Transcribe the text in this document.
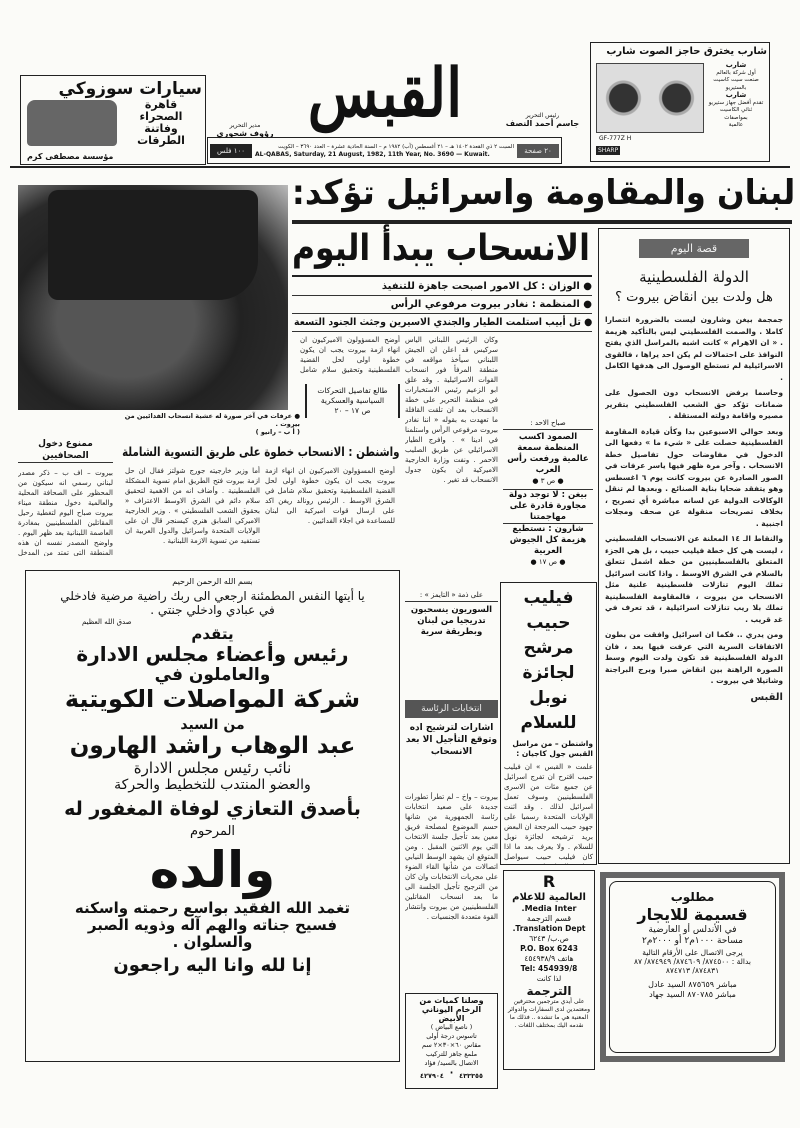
سيارات سوزوكي
قاهرة
الصحراء
وفاتنة
الطرقات
مؤسسة مصطفى كرم
مدير التحرير
رؤوف شحوري
القبس	رئيس التحرير
جاسم أحمد النصف
٢٠ صفحة
السبت ٢ ذي القعدة ١٤٠٢ هـ – ٢١ أغسطس (آب) ١٩٨٢ م – السنة الحادية عشرة – العدد ٣٦٩٠ – الكويت
AL-QABAS, Saturday, 21 August, 1982, 11th Year, No. 3690 — Kuwait.
١٠٠ فلس
شارب يخترق حاجز الصوت شارب
شارب
أول شركة بالعالم
صنعت سيت كاسيت
بالستيريو
شارب
تقدم أفضل جهاز ستيريو
ثنائي الكاسيت
بمواصفات
عالمية
GF-777Z H
SHARP
لبنان والمقاومة واسرائيل تؤكد:
الانسحاب يبدأ اليوم
● الوزان : كل الامور اصبحت جاهزة للتنفيذ
● المنظمة : نغادر بيروت مرفوعي الرأس
● تل أبيب استلمت الطيار والجندي الاسيرين وجثث الجنود التسعة
● عرفات في آخر صورة له عشية انسحاب الفدائيين من بيروت .
( أ ب – رانيو )
طالع تفاصيل التحركات السياسية والعسكرية
ص ١٧ – ٢٠

وكان الرئيس اللبناني الياس سركيس قد اعلن ان الجيش اللبناني سيأخذ مواقعه في منطقة المرفأ فور انسحاب القوات الاسرائيلية . وقد علق ابو الزعيم رئيس الاستخبارات في منظمة التحرير على خطة الانسحاب بعد ان تلقت القافلة ما تعهدت به بقوله « اننا نغادر بيروت مرفوعي الرأس واستلمنا في ادينا » . وافرج الطيار الاسرائيلي عن طريق الصليب الاحمر . ونفت وزارة الخارجية الاميركية ان يكون جدول الانسحاب قد تغير .

أوضح المسؤولون الاميركيون ان انهاء ازمة بيروت يجب ان يكون خطوة اولى لحل القضية الفلسطينية وتحقيق سلام شامل

على ذمة « التايمز » :
السوريون ينسحبون تدريجيا من لبنان وبطريقة سرية
واشنطن : الانسحاب خطوة على طريق التسوية الشاملة

أوضح المسؤولون الاميركيون ان انهاء ازمة بيروت يجب ان يكون خطوة اولى لحل القضية الفلسطينية وتحقيق سلام شامل في الشرق الاوسط . الرئيس رونالد ريغن اكد على ارسال قوات اميركية الى لبنان للمساعدة في اجلاء الفدائيين .

أما وزير خارجيته جورج شولتز فقال ان حل ازمة بيروت فتح الطريق امام تسوية المشكلة الفلسطينية . وأضاف انه من الاهمية لتحقيق سلام دائم في الشرق الاوسط الاعتراف « بحقوق الشعب الفلسطيني » . وزير الخارجية الاميركي السابق هنري كيسنجر قال ان على الولايات المتحدة واسرائيل والدول العربية ان تستفيد من تسوية الازمة اللبنانية .

ممنوع دخول الصحافيين

بيروت – اف ب – ذكر مصدر لبناني رسمي انه سيكون من المحظور على الصحافة المحلية والعالمية دخول منطقة ميناء بيروت صباح اليوم لتغطية رحيل المقاتلين الفلسطينيين بمغادرة العاصمة اللبنانية بعد ظهر اليوم . واوضح المصدر نفسه ان هذه المنطقة التي تمتد من المدخل

صباح الاحد :
الصمود اكسب المنظمة سمعة عالمية ورفعت رأس العرب
● ص ٣ ●
بيغن : لا توجد دولة مجاورة قادرة على مهاجمتنا
شارون : نستطيع هزيمة كل الجيوش العربية
● ص ١٧ ●
فيليب حبيب مرشح لجائزة نوبل للسلام
واشنطن – من مراسل القبس جول كاجيان :

علمت « القبس » ان فيليب حبيب اقترح ان تفرج اسرائيل عن جميع مئات من الاسرى الفلسطينيين وسوف تعمل اسرائيل لذلك . وقد اثنت الولايات المتحدة رسميا على جهود حبيب المرجحة ان البعض بريد ترشيحه لجائزة نوبل للسلام . ولا يعرف بعد ما اذا كان فيليب حبيب سيواصل

انتخابات الرئاسة
اشارات لترشيح اده وتوقع التأجيل الا بعد الانسحاب

بيروت – واخ – لم تطرأ تطورات جديدة على صعيد انتخابات رئاسة الجمهورية من شانها حسم الموضوع لمصلحة فريق معين بعد تأجيل جلسة الانتخاب التي يوم الاثنين المقبل . ومن المتوقع ان يشهد الوسط النيابي اتصالات من شأنها القاء الضوء على مجريات الانتخابات وان كان من الترجيح تأجيل الجلسة الى ما بعد انسحاب المقاتلين الفلسطينيين من بيروت وانتشار القوة متعددة الجنسيات .

وصلنا كميات من الرخام اليوناني الأبيض
( ناصع البياض )
تاسوس درجة أولى
مقاس ٦٠×٣٠×٢ سم
ملمع جاهز للتركيب
الاتصال بالسيد/ فؤاد
٤٣٣٣٥٥ · ٤٢٧٩٠٤
قصة اليوم
الدولة الفلسطينية
هل ولدت بين انقاض بيروت ؟

جمجمة بيغن وشارون ليست بالضرورة انتصارا كاملا . والصمت الفلسطيني ليس بالتأكيد هزيمة . « ان الاهرام » كانت اشبه بالمراسل الذي يفتح النوافذ على احتمالات لم يكن احد يراها ، فالقوى الاسرائيلية لم تستطع الوصول الى هدفها الكامل .

وحاسما برفض الانسحاب دون الحصول على ضمانات تؤكد حق الشعب الفلسطيني بتقرير مصيره واقامة دولته المستقلة .

وبعد حوالي الاسبوعين بدا وكأن قيادة المقاومة الفلسطينية حصلت على « شيء ما » دفعها الى الدخول في مفاوضات حول تفاصيل خطة الانسحاب . وآخر مرة ظهر فيها ياسر عرفات في الصور الصادرة عن بيروت كانت يوم ٦ اغسطس وهو يتفقد ضحايا بناية الصنائع . وبعدها لم تنقل الوكالات الدولية عن لسانه مباشرة أي تصريح ، بخلاف تصريحات منقولة عن صحف ومجلات اجنبية .

والنقاط الـ ١٤ المعلنة عن الانسحاب الفلسطيني ، ليست هي كل خطة فيليب حبيب ، بل هي الجزء المتعلق بالفلسطينيين من خطة اشمل تتعلق بالسلام في الشرق الاوسط . واذا كانت اسرائيل تملك اليوم تنازلات فلسطينية علنية مثل الانسحاب من بيروت ، فالمقاومة الفلسطينية تملك بلا ريب تنازلات اسرائيلية ، قد تعرف في غد قريب .

ومن يدري .. فكما ان اسرائيل وافقت من بطون الاتفاقات السرية التي عرفت فيها بعد ، فان الدولة الفلسطينية قد تكون ولدت اليوم وسط الصورة الراهنة بين انقاض صبرا وبرج البراجنة وشاتيلا في بيروت .

القبس

بسم الله الرحمن الرحيم
يا أيتها النفس المطمئنة ارجعي الى ربك راضية مرضية فادخلي في عبادي وادخلي جنتي .
صدق الله العظيم
يتقدم
رئيس وأعضاء مجلس الادارة
والعاملون في
شركة المواصلات الكويتية
من السيد
عبد الوهاب راشد الهارون
نائب رئيس مجلس الادارة
والعضو المنتدب للتخطيط والحركة
بأصدق التعازي لوفاة المغفور له
المرحوم
والده
تغمد الله الفقيد بواسع رحمته واسكنه فسيح جناته والهم آله وذويه الصبر والسلوان .
إنا لله وانا اليه راجعون
R
العالمية للاعلام
Media Inter.
قسم الترجمة
Translation Dept.
ص.ب/ ٦٢٤٣
P.O. Box 6243
هاتف ٤٥٤٩٣٨/٩
Tel: 454939/8
لذا كانت
الترجمة
على أيدي مترجمين محترفين ومعتمدين لدى السفارات والدوائر المعنية هي ما تنشده .. فذلك ما نقدمه اليك بمختلف اللغات .
مطلوب
قسيمة للايجار
في الأندلس أو العارضية
مساحة ١٠٠٠م٢ أو ٢٠٠٠م٢
يرجى الاتصال على الأرقام التالية
بدالة : ٨٧٤٥٠٠/ ٨٧٤٦٠٩/ ٨٧٤٩٤٩/ ٨٧
٨٧٤٨٣١/ ٨٧٤٧١٣
مباشر ٨٧٥٦٥٩ السيد عادل
مباشر ٨٧٠٧٨٥ السيد جهاد
